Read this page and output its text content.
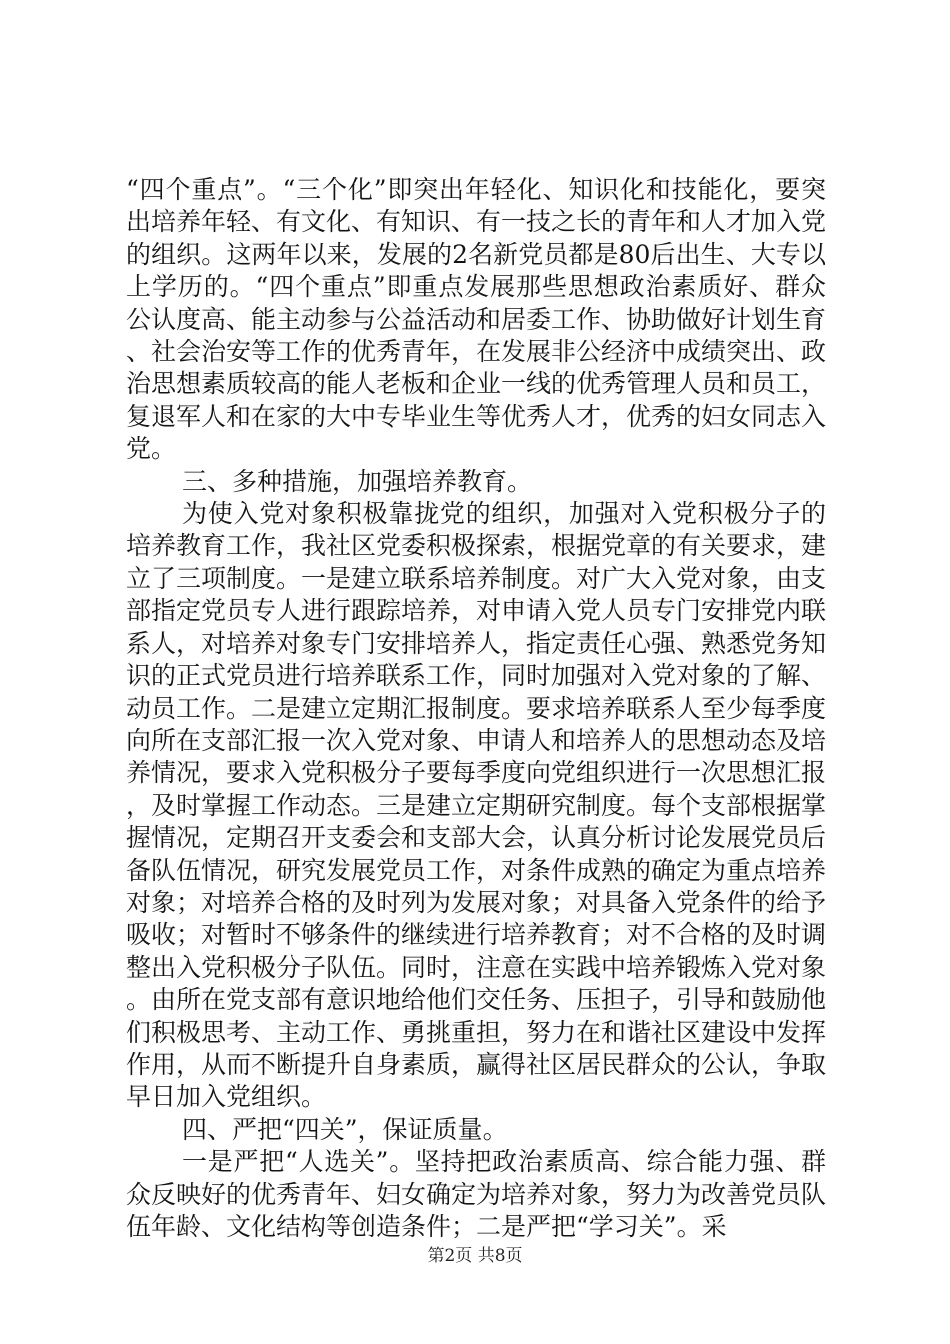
“四个重点”。“三个化”即突出年轻化、知识化和技能化，要突出培养年轻、有文化、有知识、有一技之长的青年和人才加入党的组织。这两年以来，发展的2名新党员都是80后出生、大专以上学历的。“四个重点”即重点发展那些思想政治素质好、群众公认度高、能主动参与公益活动和居委工作、协助做好计划生育、社会治安等工作的优秀青年，在发展非公经济中成绩突出、政治思想素质较高的能人老板和企业一线的优秀管理人员和员工，复退军人和在家的大中专毕业生等优秀人才，优秀的妇女同志入党。

三、多种措施，加强培养教育。

为使入党对象积极靠拢党的组织，加强对入党积极分子的培养教育工作，我社区党委积极探索，根据党章的有关要求，建立了三项制度。一是建立联系培养制度。对广大入党对象，由支部指定党员专人进行跟踪培养，对申请入党人员专门安排党内联系人，对培养对象专门安排培养人，指定责任心强、熟悉党务知识的正式党员进行培养联系工作，同时加强对入党对象的了解、动员工作。二是建立定期汇报制度。要求培养联系人至少每季度向所在支部汇报一次入党对象、申请人和培养人的思想动态及培养情况，要求入党积极分子要每季度向党组织进行一次思想汇报，及时掌握工作动态。三是建立定期研究制度。每个支部根据掌握情况，定期召开支委会和支部大会，认真分析讨论发展党员后备队伍情况，研究发展党员工作，对条件成熟的确定为重点培养对象；对培养合格的及时列为发展对象；对具备入党条件的给予吸收；对暂时不够条件的继续进行培养教育；对不合格的及时调整出入党积极分子队伍。同时，注意在实践中培养锻炼入党对象。由所在党支部有意识地给他们交任务、压担子，引导和鼓励他们积极思考、主动工作、勇挑重担，努力在和谐社区建设中发挥作用，从而不断提升自身素质，赢得社区居民群众的公认，争取早日加入党组织。

四、严把“四关”，保证质量。

一是严把“人选关”。坚持把政治素质高、综合能力强、群众反映好的优秀青年、妇女确定为培养对象，努力为改善党员队伍年龄、文化结构等创造条件；二是严把“学习关”。采

第2页 共8页
